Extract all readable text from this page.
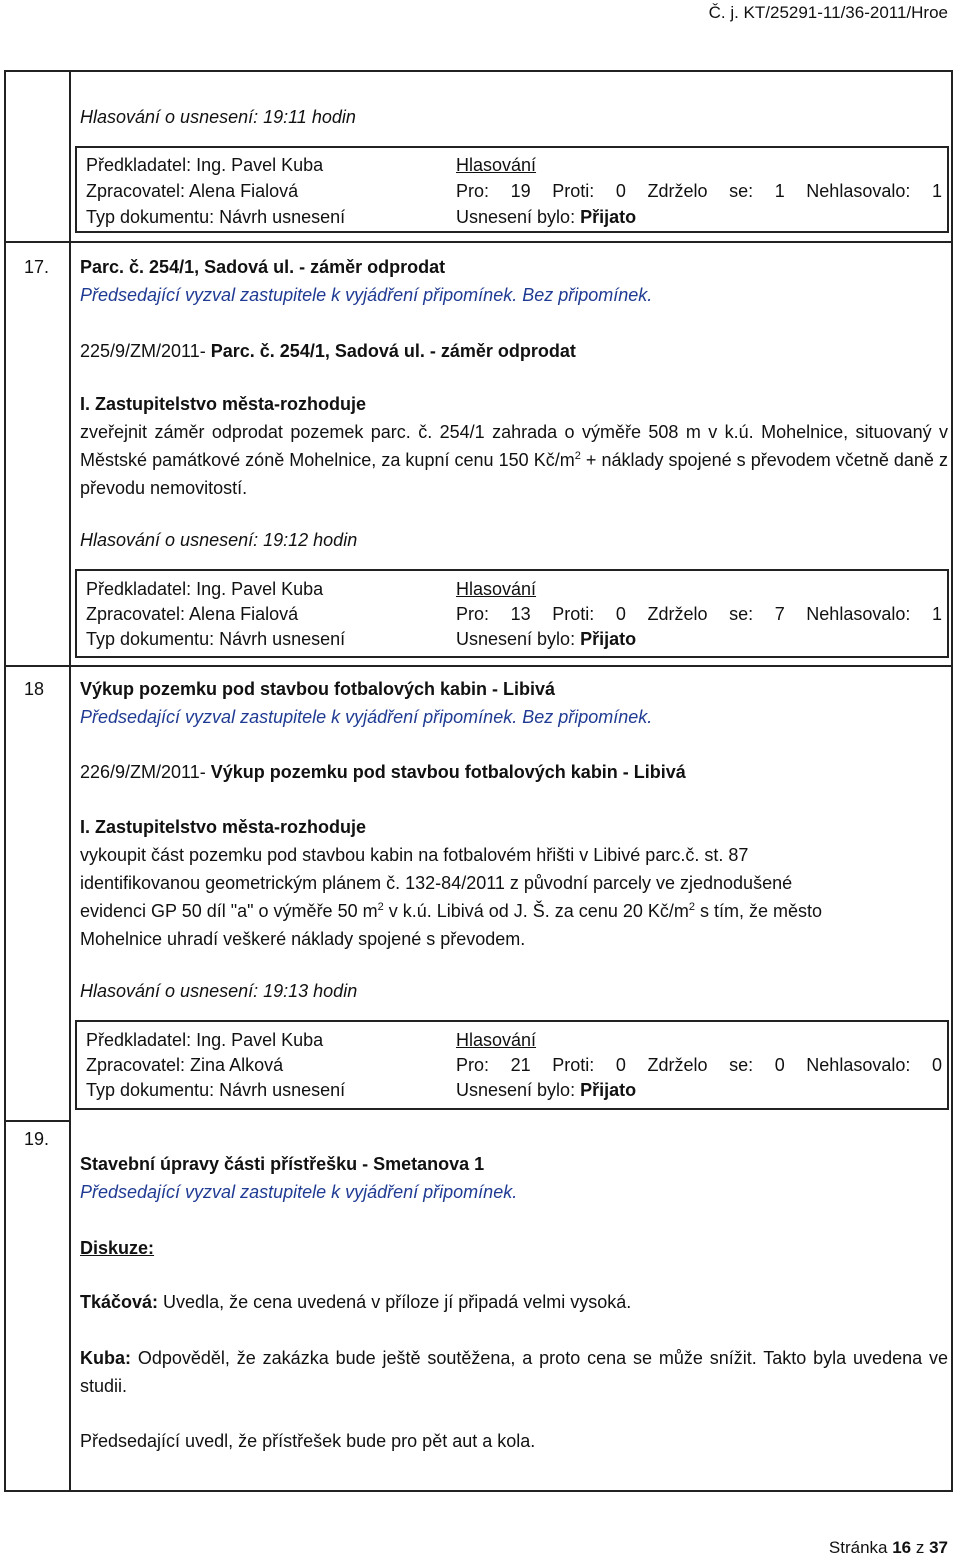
Č. j. KT/25291-11/36-2011/Hroe
Hlasování o usnesení: 19:11 hodin
Předkladatel: Ing. Pavel Kuba
Zpracovatel: Alena Fialová
Typ dokumentu: Návrh usnesení
Hlasování
Pro: 19 Proti: 0 Zdrželo se: 1 Nehlasovalo: 1
Usnesení bylo: Přijato
17. Parc. č. 254/1, Sadová ul. - záměr odprodat
Předsedající vyzval zastupitele k vyjádření připomínek. Bez připomínek.
225/9/ZM/2011- Parc. č. 254/1, Sadová ul. - záměr odprodat
I. Zastupitelstvo města-rozhoduje
zveřejnit záměr odprodat pozemek parc. č. 254/1 zahrada o výměře 508 m v k.ú. Mohelnice, situovaný v Městské památkové zóně Mohelnice, za kupní cenu 150 $Kč/m^2$ + náklady spojené s převodem včetně daně z převodu nemovitostí.
Hlasování o usnesení: 19:12 hodin
Předkladatel: Ing. Pavel Kuba
Zpracovatel: Alena Fialová
Typ dokumentu: Návrh usnesení
Hlasování
Pro: 13 Proti: 0 Zdrželo se: 7 Nehlasovalo: 1
Usnesení bylo: Přijato
18 Výkup pozemku pod stavbou fotbalových kabin - Libivá
Předsedající vyzval zastupitele k vyjádření připomínek. Bez připomínek.
226/9/ZM/2011- Výkup pozemku pod stavbou fotbalových kabin - Libivá
I. Zastupitelstvo města-rozhoduje
vykoupit část pozemku pod stavbou kabin na fotbalovém hřišti v Libivé parc.č. st. 87
identifikovanou geometrickým plánem č. 132-84/2011 z původní parcely ve zjednodušené
evidenci GP 50 díl "a" o výměře 50 $m^2$ v k.ú. Libivá od J. Š. za cenu 20 $Kč/m^2$ s tím, že město
Mohelnice uhradí veškeré náklady spojené s převodem.
Hlasování o usnesení: 19:13 hodin
Předkladatel: Ing. Pavel Kuba
Zpracovatel: Zina Alková
Typ dokumentu: Návrh usnesení
Hlasování
Pro: 21 Proti: 0 Zdrželo se: 0 Nehlasovalo: 0
Usnesení bylo: Přijato
19.
Stavební úpravy části přístřešku - Smetanova 1
Předsedající vyzval zastupitele k vyjádření připomínek.
Diskuze:
Tkáčová: Uvedla, že cena uvedená v příloze jí připadá velmi vysoká.
Kuba: Odpověděl, že zakázka bude ještě soutěžena, a proto cena se může snížit. Takto byla uvedena ve studii.
Předsedající uvedl, že přístřešek bude pro pět aut a kola.
Stránka 16 z 37
